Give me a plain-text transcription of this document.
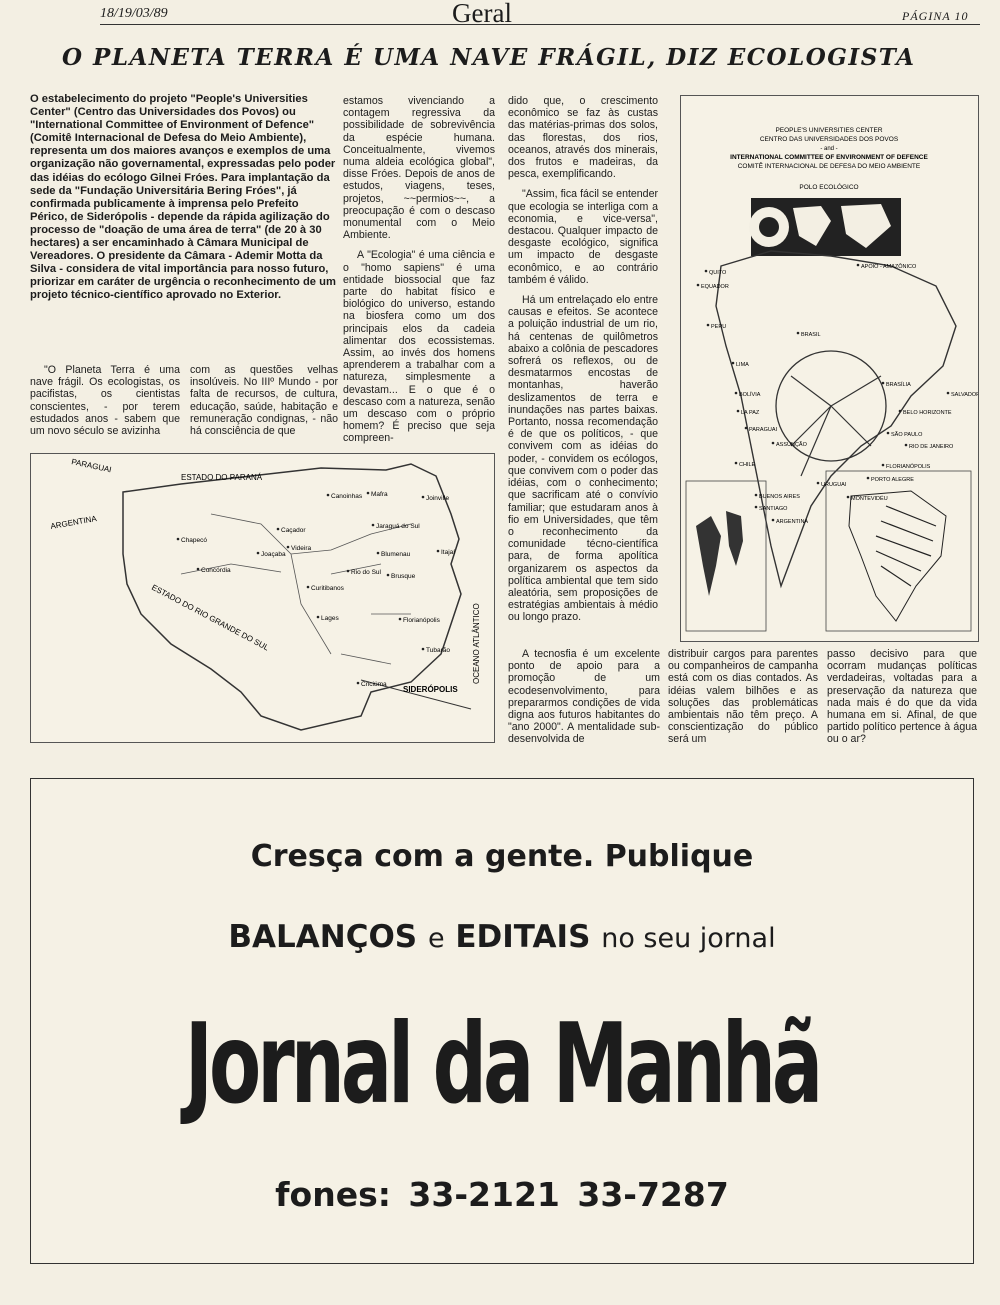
18/19/03/89	Geral	PÁGINA 10
O PLANETA TERRA É UMA NAVE FRÁGIL, DIZ ECOLOGISTA
O estabelecimento do projeto "People's Universities Center" (Centro das Universidades dos Povos) ou "International Committee of Environment of Defence" (Comitê Internacional de Defesa do Meio Ambiente), representa um dos maiores avanços e exemplos de uma organização não governamental, expressadas pelo poder das idéias do ecólogo Gilnei Fróes. Para implantação da sede da "Fundação Universitária Bering Fróes", já confirmada publicamente à imprensa pelo Prefeito Périco, de Siderópolis - depende da rápida agilização do processo de "doação de uma área de terra" (de 20 à 30 hectares) a ser encaminhado à Câmara Municipal de Vereadores. O presidente da Câmara - Ademir Motta da Silva - considera de vital importância para nosso futuro, priorizar em caráter de urgência o reconhecimento de um projeto técnico-científico aprovado no Exterior.

"O Planeta Terra é uma nave frágil. Os ecologistas, os pacifistas, os cientistas conscientes, - por terem estudados anos - sabem que um novo século se avizinha

com as questões velhas insolúveis. No IIIº Mundo - por falta de recursos, de cultura, educação, saúde, habitação e remuneração condignas, - não há consciência de que

estamos vivenciando a contagem regressiva da possibilidade de sobrevivência da espécie humana. Conceitualmente, vivemos numa aldeia ecológica global", disse Fróes. Depois de anos de estudos, viagens, teses, projetos, ~~permios~~, a preocupação é com o descaso monumental com o Meio Ambiente.

A "Ecologia" é uma ciência e o "homo sapiens" é uma entidade biossocial que faz parte do habitat físico e biológico do universo, estando na biosfera como um dos principais elos da cadeia alimentar dos ecossistemas. Assim, ao invés dos homens aprenderem a trabalhar com a natureza, simplesmente a devastam... E o que é o descaso com a natureza, senão um descaso com o próprio homem? É preciso que seja compreen-

dido que, o crescimento econômico se faz às custas das matérias-primas dos solos, das florestas, dos rios, oceanos, através dos minerais, dos frutos e madeiras, da pesca, exemplificando.

"Assim, fica fácil se entender que ecologia se interliga com a economia, e vice-versa", destacou. Qualquer impacto de desgaste ecológico, significa um impacto de desgaste econômico, e ao contrário também é válido.

Há um entrelaçado elo entre causas e efeitos. Se acontece a poluição industrial de um rio, há centenas de quilômetros abaixo a colônia de pescadores sofrerá os reflexos, ou de desmatarmos encostas de montanhas, haverão deslizamentos de terra e inundações nas partes baixas. Portanto, nossa recomendação é de que os políticos, - que convivem com as idéias do poder, - convidem os ecólogos, que convivem com o poder das idéias, com o conhecimento; que sacrificam até o convívio familiar; que estudaram anos à fio em Universidades, que têm o reconhecimento da comunidade técno-científica para, de forma apolítica organizarem os aspectos da política ambiental que tem sido aleatória, sem proposições de estratégias ambientais à médio ou longo prazo.

A tecnosfia é um excelente ponto de apoio para a promoção de um ecodesenvolvimento, para prepararmos condições de vida digna aos futuros habitantes do "ano 2000". A mentalidade sub-desenvolvida de

distribuir cargos para parentes ou companheiros de campanha está com os dias contados. As idéias valem bilhões e as soluções das problemáticas ambientais não têm preço. A conscientização do público será um

passo decisivo para que ocorram mudanças políticas verdadeiras, voltadas para a preservação da natureza que nada mais é do que da vida humana em si. Afinal, de que partido político pertence à água ou o ar?

PARAGUAI
ESTADO DO PARANÁ
ARGENTINA
ESTADO DO RIO GRANDE DO SUL	OCEANO ATLÂNTICO
SIDERÓPOLIS
Chapecó
Concórdia
Joaçaba
Caçador
Videira
Canoinhas Mafra
Joinville
Jaraguá do Sul
Blumenau	Itajaí
Rio do Sul
Brusque
Curitibanos
Lages	Florianópolis
Tubarão
Criciúma
PEOPLE'S UNIVERSITIES CENTER
CENTRO DAS UNIVERSIDADES DOS POVOS
- and -
INTERNATIONAL COMMITTEE OF ENVIRONMENT OF DEFENCE
COMITÊ INTERNACIONAL DE DEFESA DO MEIO AMBIENTE
POLO ECOLÓGICO
QUITO
EQUADOR
PERU
LIMA
BRASIL
BOLÍVIA
LA PAZ
PARAGUAI
ASSUNÇÃO
CHILE
BUENOS AIRES
SANTIAGO
ARGENTINA
URUGUAI
MONTEVIDÉU
PORTO ALEGRE
FLORIANÓPOLIS
RIO DE JANEIRO
SÃO PAULO
BRASÍLIA
BELO HORIZONTE
SALVADOR
APOIO - AMAZÔNICO
Cresça com a gente. Publique
BALANÇOS e EDITAIS no seu jornal
Jornal da Manhã
fones: 33-2121 33-7287
